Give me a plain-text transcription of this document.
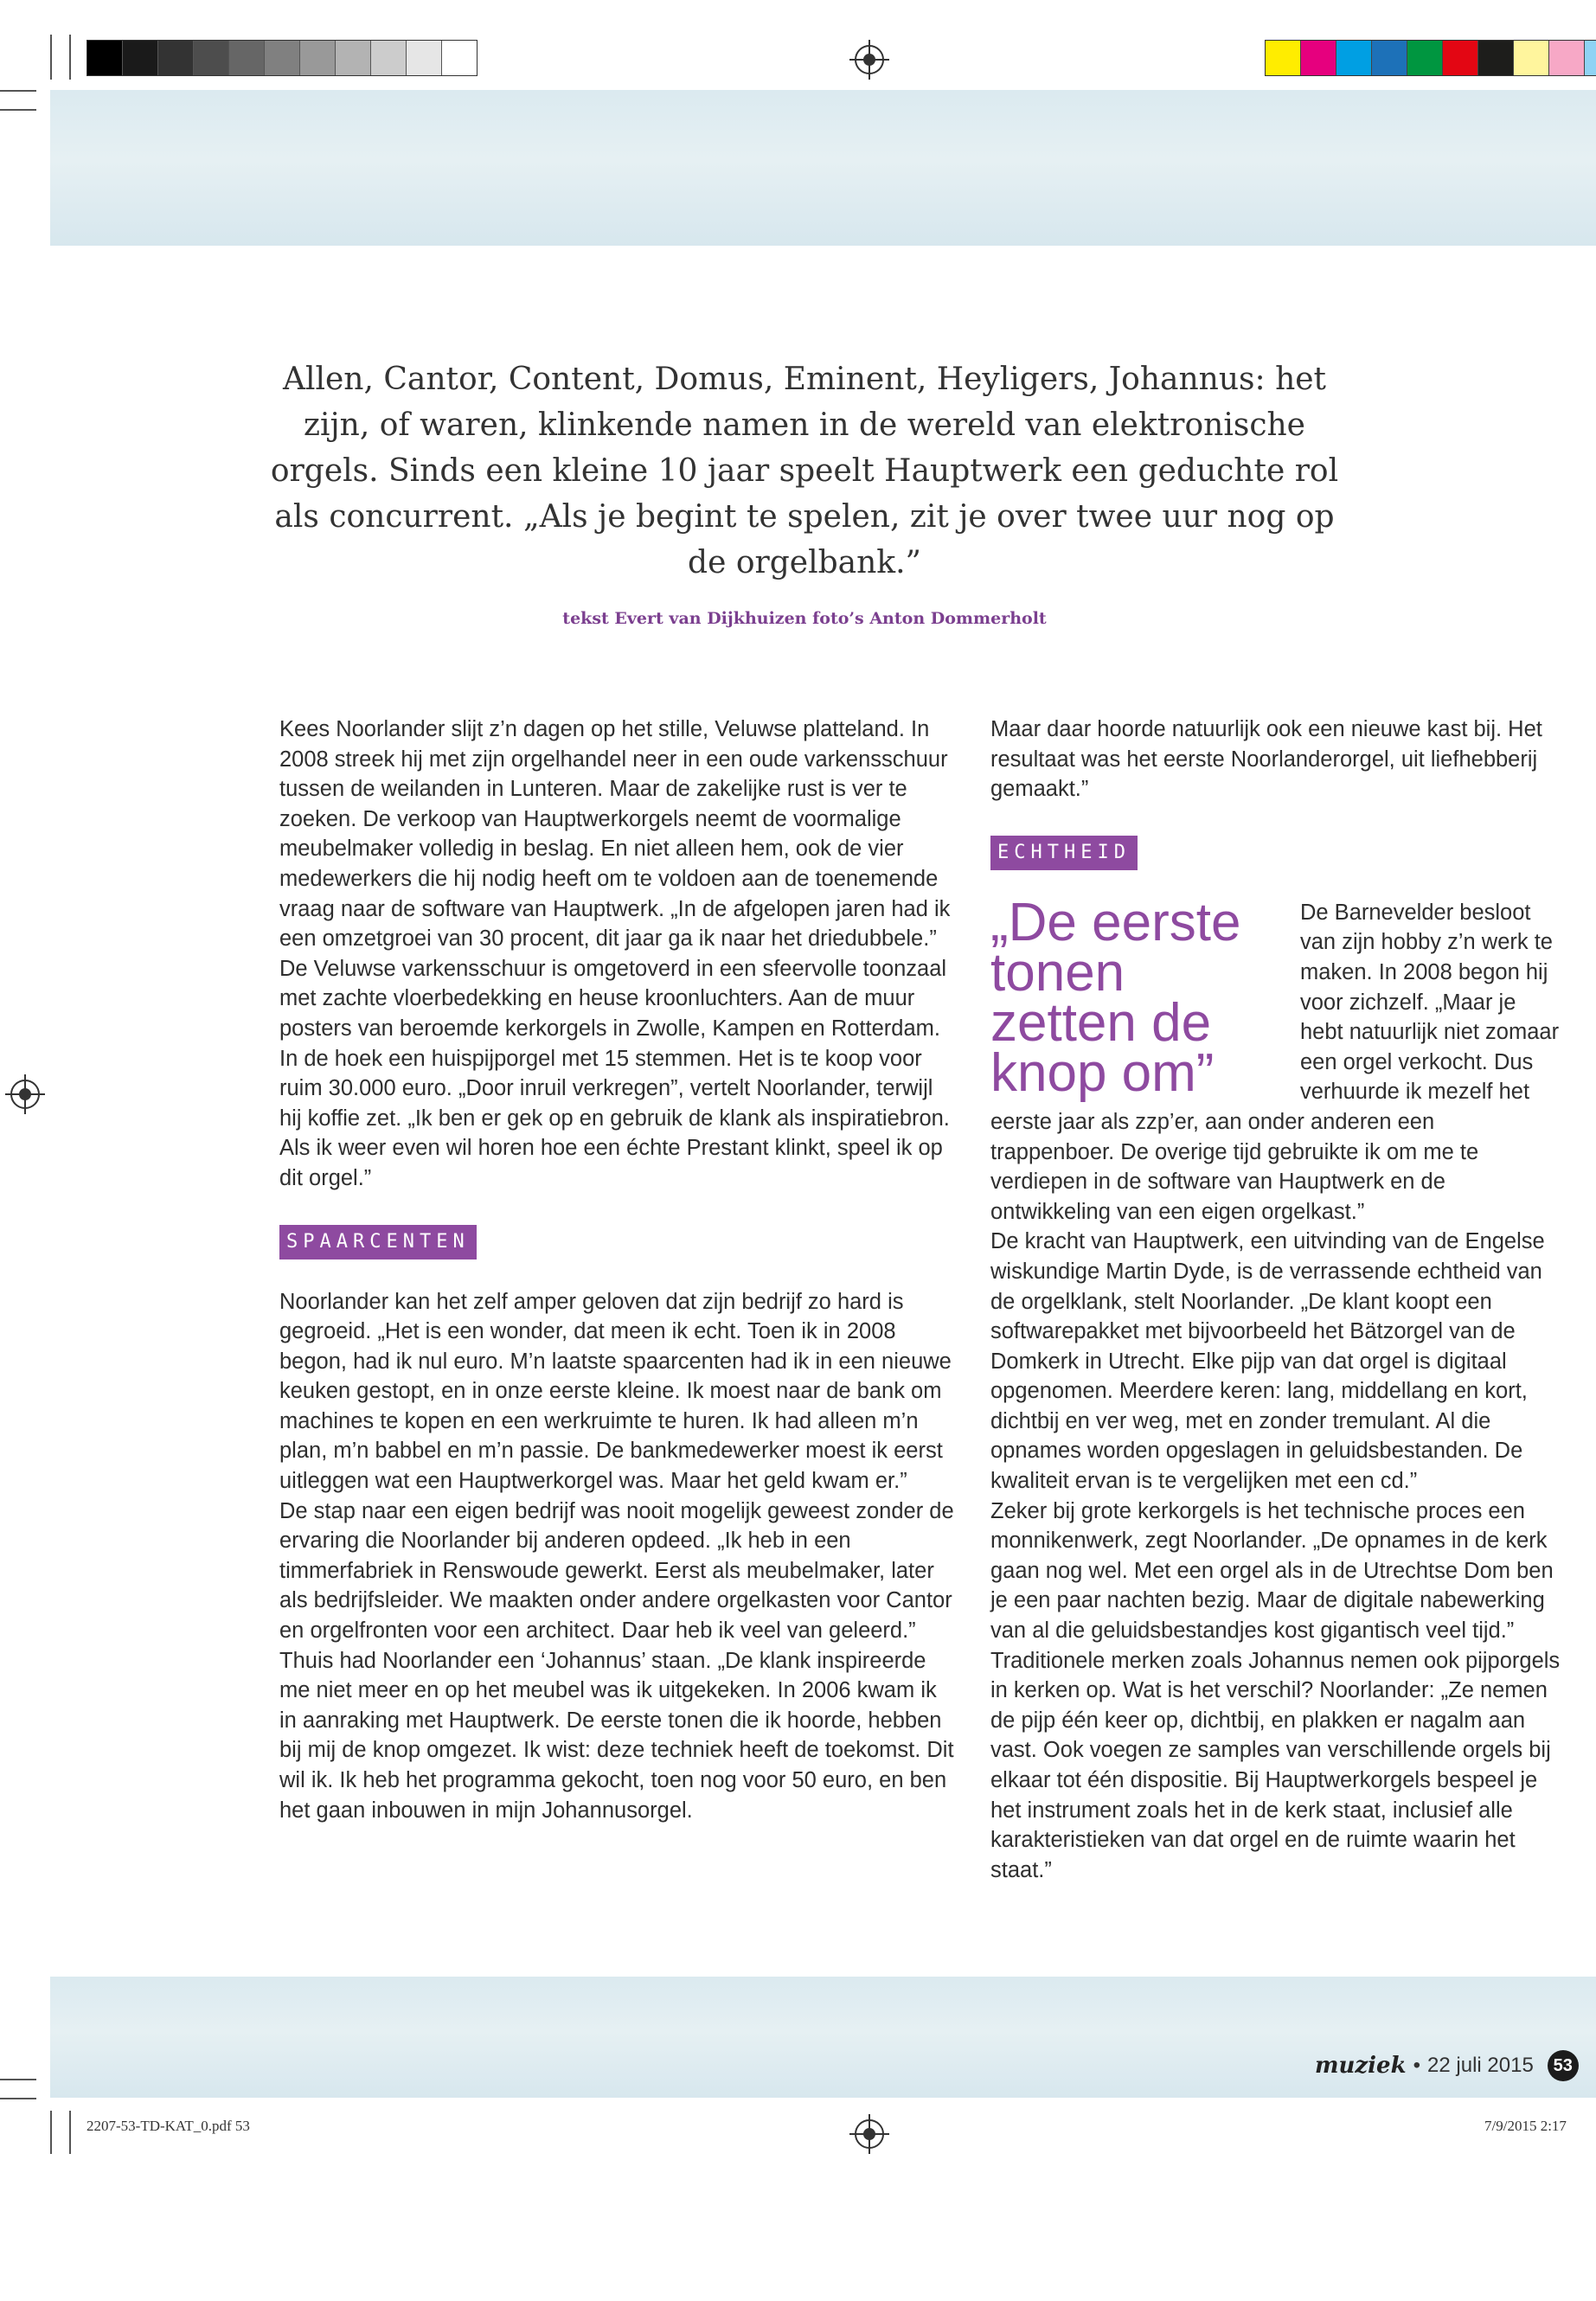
Allen, Cantor, Content, Domus, Eminent, Heyligers, Johannus: het zijn, of waren, klinkende namen in de wereld van elektronische orgels. Sinds een kleine 10 jaar speelt Hauptwerk een geduchte rol als concurrent. „Als je begint te spelen, zit je over twee uur nog op de orgelbank.”

tekst Evert van Dijkhuizen foto’s Anton Dommerholt

Kees Noorlander slijt z’n dagen op het stille, Veluwse platteland. In 2008 streek hij met zijn orgelhandel neer in een oude varkensschuur tussen de weilanden in Lunteren. Maar de zakelijke rust is ver te zoeken. De verkoop van Hauptwerkorgels neemt de voormalige meubelmaker volledig in beslag. En niet alleen hem, ook de vier medewerkers die hij nodig heeft om te voldoen aan de toenemende vraag naar de software van Hauptwerk. „In de afgelopen jaren had ik een omzetgroei van 30 procent, dit jaar ga ik naar het driedubbele.”

De Veluwse varkensschuur is omgetoverd in een sfeervolle toonzaal met zachte vloerbedekking en heuse kroonluchters. Aan de muur posters van beroemde kerkorgels in Zwolle, Kampen en Rotterdam. In de hoek een huispijporgel met 15 stemmen. Het is te koop voor ruim 30.000 euro. „Door inruil verkregen”, vertelt Noorlander, terwijl hij koffie zet. „Ik ben er gek op en gebruik de klank als inspiratiebron. Als ik weer even wil horen hoe een échte Prestant klinkt, speel ik op dit orgel.”

SPAARCENTEN

Noorlander kan het zelf amper geloven dat zijn bedrijf zo hard is gegroeid. „Het is een wonder, dat meen ik echt. Toen ik in 2008 begon, had ik nul euro. M’n laatste spaarcenten had ik in een nieuwe keuken gestopt, en in onze eerste kleine. Ik moest naar de bank om machines te kopen en een werkruimte te huren. Ik had alleen m’n plan, m’n babbel en m’n passie. De bankmedewerker moest ik eerst uitleggen wat een Hauptwerkorgel was. Maar het geld kwam er.”

De stap naar een eigen bedrijf was nooit mogelijk geweest zonder de ervaring die Noorlander bij anderen opdeed. „Ik heb in een timmerfabriek in Renswoude gewerkt. Eerst als meubelmaker, later als bedrijfsleider. We maakten onder andere orgelkasten voor Cantor en orgelfronten voor een architect. Daar heb ik veel van geleerd.”

Thuis had Noorlander een ‘Johannus’ staan. „De klank inspireerde me niet meer en op het meubel was ik uitgekeken. In 2006 kwam ik in aanraking met Hauptwerk. De eerste tonen die ik hoorde, hebben bij mij de knop omgezet. Ik wist: deze techniek heeft de toekomst. Dit wil ik. Ik heb het programma gekocht, toen nog voor 50 euro, en ben het gaan inbouwen in mijn Johannusorgel.

Maar daar hoorde natuurlijk ook een nieuwe kast bij. Het resultaat was het eerste Noorlanderorgel, uit liefhebberij gemaakt.”

ECHTHEID
„De eerste tonen zetten de knop om”
De Barnevelder besloot van zijn hobby z’n werk te maken. In 2008 begon hij voor zichzelf. „Maar je hebt natuurlijk niet zomaar een orgel verkocht. Dus verhuurde ik mezelf het eerste jaar als zzp’er, aan onder anderen een trappenboer. De overige tijd gebruikte ik om me te verdiepen in de software van Hauptwerk en de ontwikkeling van een eigen orgelkast.”

De kracht van Hauptwerk, een uitvinding van de Engelse wiskundige Martin Dyde, is de verrassende echtheid van de orgelklank, stelt Noorlander. „De klant koopt een softwarepakket met bijvoorbeeld het Bätzorgel van de Domkerk in Utrecht. Elke pijp van dat orgel is digitaal opgenomen. Meerdere keren: lang, middellang en kort, dichtbij en ver weg, met en zonder tremulant. Al die opnames worden opgeslagen in geluidsbestanden. De kwaliteit ervan is te vergelijken met een cd.”

Zeker bij grote kerkorgels is het technische proces een monnikenwerk, zegt Noorlander. „De opnames in de kerk gaan nog wel. Met een orgel als in de Utrechtse Dom ben je een paar nachten bezig. Maar de digitale nabewerking van al die geluidsbestandjes kost gigantisch veel tijd.”

Traditionele merken zoals Johannus nemen ook pijporgels in kerken op. Wat is het verschil? Noorlander: „Ze nemen de pijp één keer op, dichtbij, en plakken er nagalm aan vast. Ook voegen ze samples van verschillende orgels bij elkaar tot één dispositie. Bij Hauptwerkorgels bespeel je het instrument zoals het in de kerk staat, inclusief alle karakteristieken van dat orgel en de ruimte waarin het staat.”

muziek • 22 juli 2015	53
2207-53-TD-KAT_0.pdf 53	7/9/2015 2:17
